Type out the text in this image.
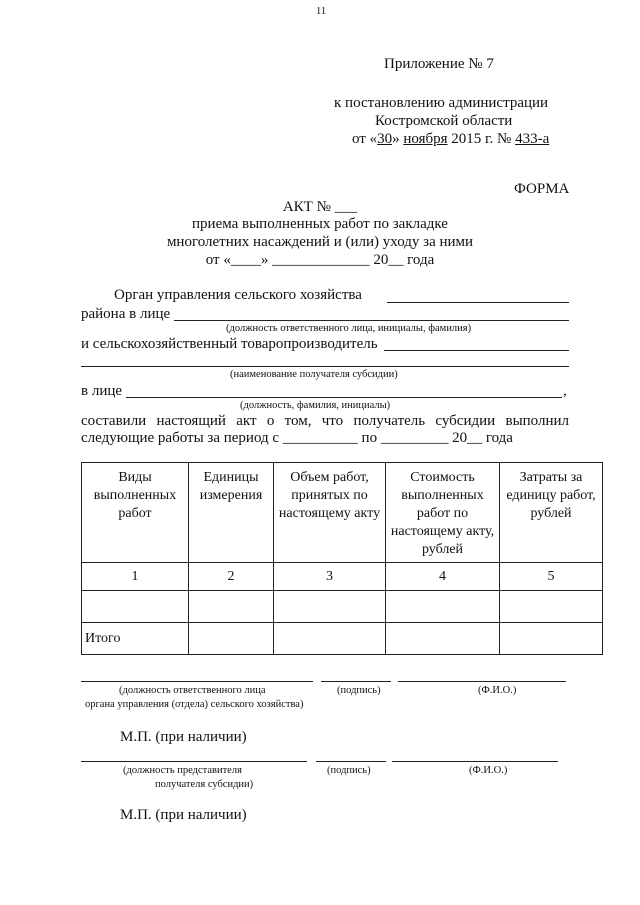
11
Приложение № 7
к постановлению администрации
Костромской области
от «30» ноября 2015 г. № 433-а
ФОРМА
АКТ № ___
приема выполненных работ по закладке
многолетних насаждений и (или) уходу за ними
от «____» _____________ 20__ года
Орган управления сельского хозяйства
района в лице
(должность ответственного лица, инициалы, фамилия)
и сельскохозяйственный товаропроизводитель
(наименование получателя субсидии)
в лице	,
(должность, фамилия, инициалы)
составили настоящий акт о том, что получатель субсидии выполнил
следующие работы за период с __________ по _________ 20__ года
Виды выполненных работ	Единицы измерения	Объем работ, принятых по настоящему акту	Стоимость выполненных работ по настоящему акту, рублей	Затраты за единицу работ, рублей
1	2	3	4	5

Итого				
(должность ответственного лица	(подпись)	(Ф.И.О.)
органа управления (отдела) сельского хозяйства)
М.П. (при наличии)
(должность представителя	(подпись)	(Ф.И.О.)
получателя субсидии)
М.П. (при наличии)
